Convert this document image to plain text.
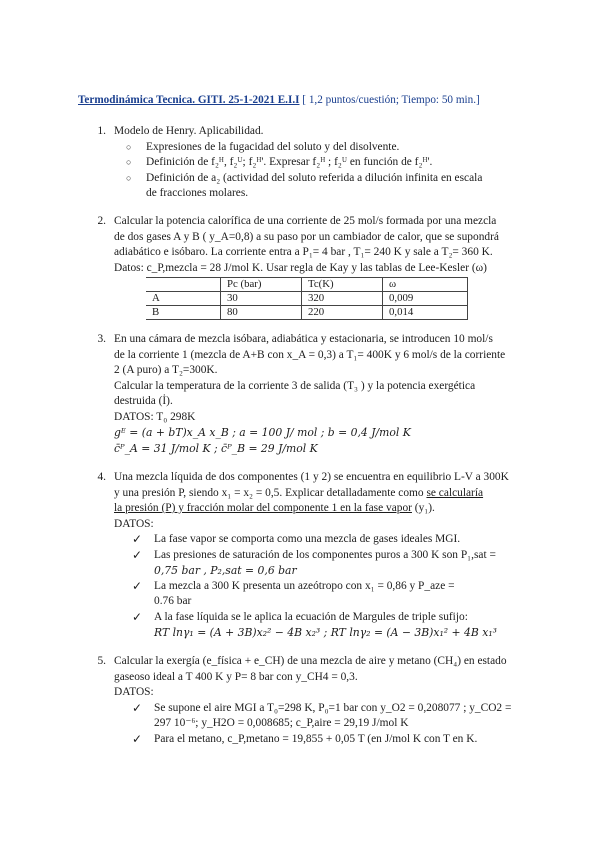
Termodinámica Tecnica. GITI. 25-1-2021 E.I.I [ 1,2 puntos/cuestión; Tiempo: 50 min.]
1. Modelo de Henry. Aplicabilidad.
○ Expresiones de la fugacidad del soluto y del disolvente.
○ Definición de f₂ᴴ, f₂ᵁ; f₂ᴴ'. Expresar f₂ᴴ ; f₂ᵁ en función de f₂ᴴ'.
○ Definición de a₂ (actividad del soluto referida a dilución infinita en escala
de fracciones molares.
2. Calcular la potencia calorífica de una corriente de 25 mol/s formada por una mezcla
de dos gases A y B ( y_A=0,8) a su paso por un cambiador de calor, que se supondrá
adiabático e isóbaro. La corriente entra a P₁= 4 bar , T₁= 240 K y sale a T₂= 360 K.
Datos: c_P,mezcla = 28 J/mol K. Usar regla de Kay y las tablas de Lee-Kesler (ω)
	Pc (bar)	Tc(K)	ω
A	30	320	0,009
B	80	220	0,014
3. En una cámara de mezcla isóbara, adiabática y estacionaria, se introducen 10 mol/s
de la corriente 1 (mezcla de A+B con x_A = 0,3) a T₁= 400K y 6 mol/s de la corriente
2 (A puro) a T₂=300K.
Calcular la temperatura de la corriente 3 de salida (T₃ ) y la potencia exergética
destruida (İ).
DATOS: T₀ 298K
gᴱ = (a + bT)x_A x_B ; a = 100 J/ mol ; b = 0,4 J/mol K
c̄ᴾ_A = 31 J/mol K ; c̄ᴾ_B = 29 J/mol K
4. Una mezcla líquida de dos componentes (1 y 2) se encuentra en equilibrio L-V a 300K
y una presión P, siendo x₁ = x₂ = 0,5. Explicar detalladamente como se calcularía
la presión (P) y fracción molar del componente 1 en la fase vapor (y₁).
DATOS:
✓ La fase vapor se comporta como una mezcla de gases ideales MGI.
✓ Las presiones de saturación de los componentes puros a 300 K son P₁,sat =
0,75 bar , P₂,sat = 0,6 bar
✓ La mezcla a 300 K presenta un azeótropo con x₁ = 0,86 y P_aze =
0.76 bar
✓ A la fase líquida se le aplica la ecuación de Margules de triple sufijo:
RT lnγ₁ = (A + 3B)x₂² − 4B x₂³ ; RT lnγ₂ = (A − 3B)x₁² + 4B x₁³
5. Calcular la exergía (e_física + e_CH) de una mezcla de aire y metano (CH₄) en estado
gaseoso ideal a T 400 K y P= 8 bar con y_CH4 = 0,3.
DATOS:
✓ Se supone el aire MGI a T₀=298 K, P₀=1 bar con y_O2 = 0,208077 ; y_CO2 =
297 10⁻⁶; y_H2O = 0,008685; c_P,aire = 29,19 J/mol K
✓ Para el metano, c_P,metano = 19,855 + 0,05 T (en J/mol K con T en K.
